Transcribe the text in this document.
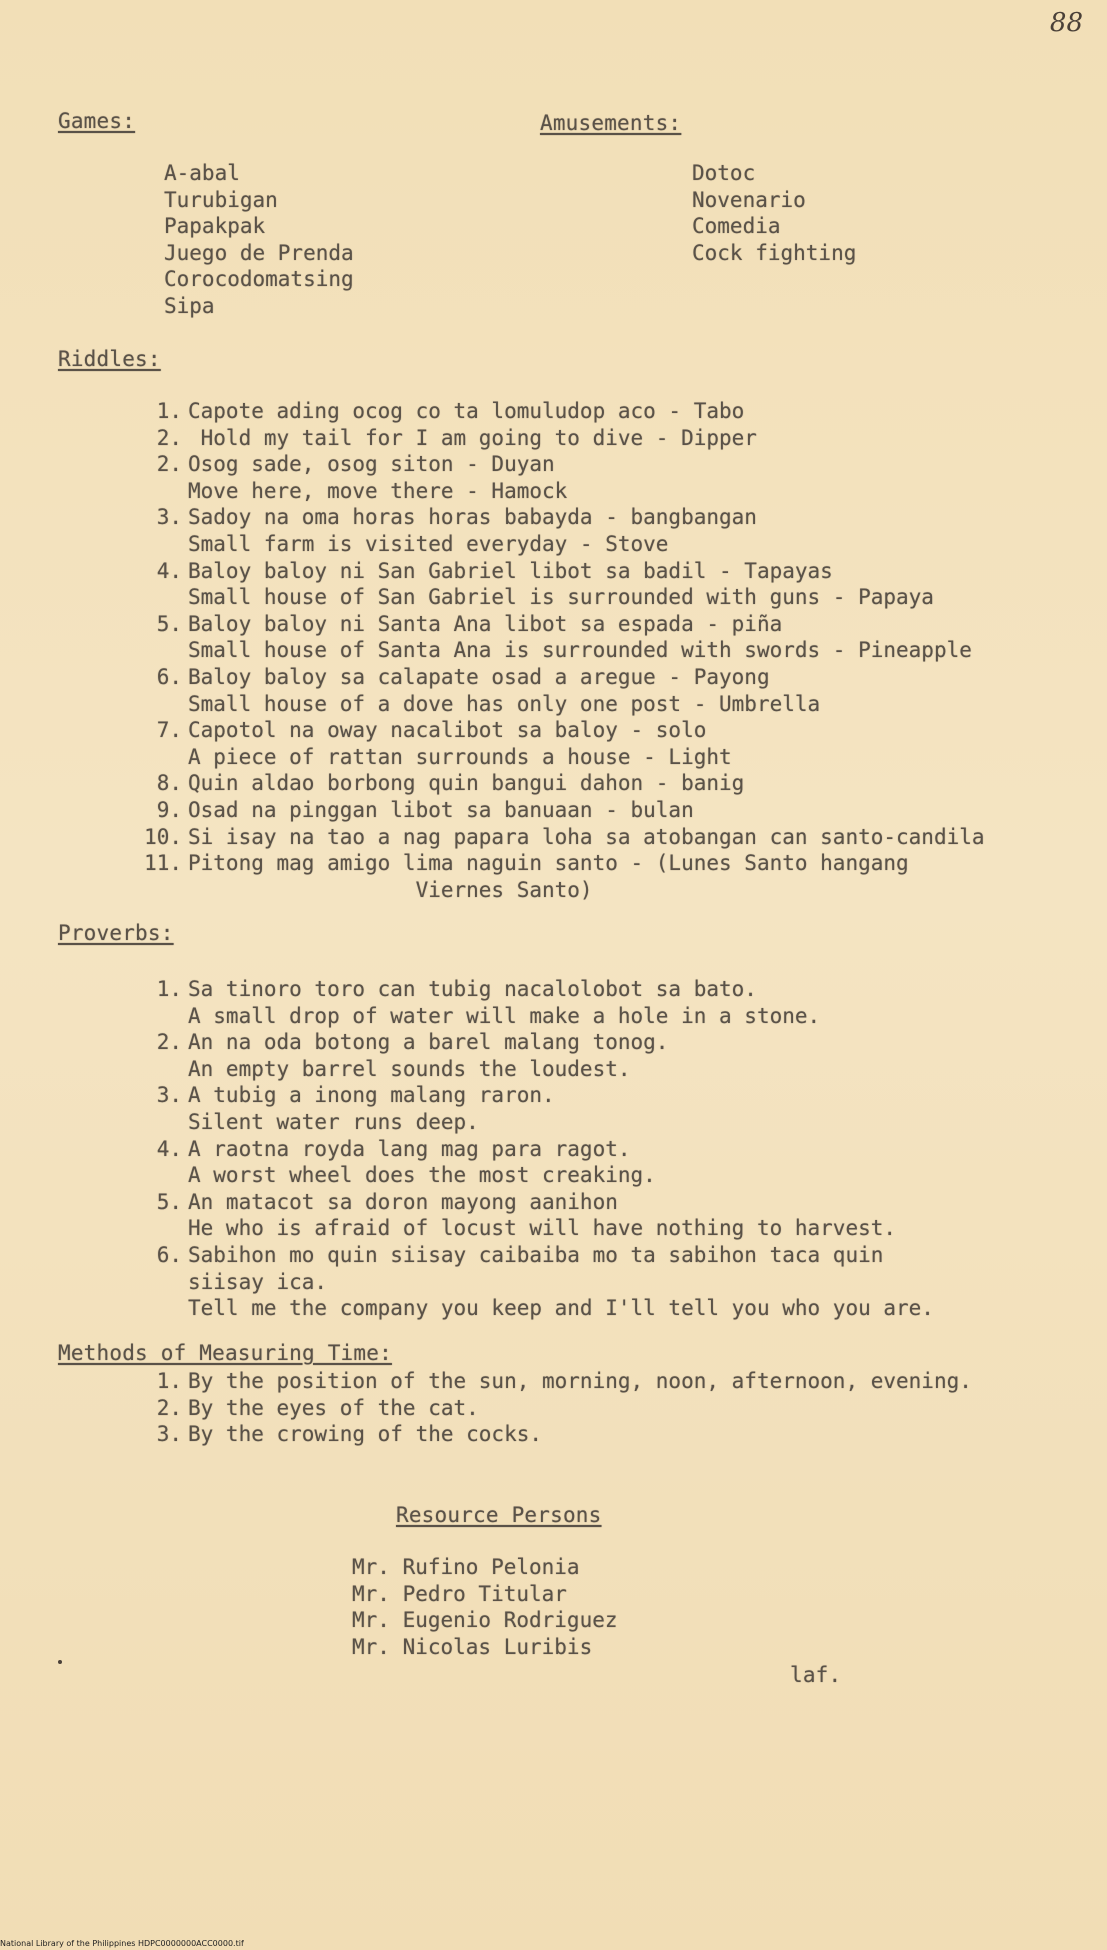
88
Games:
A-abal
Turubigan
Papakpak
Juego de Prenda
Corocodomatsing
Sipa
Amusements:
Dotoc
Novenario
Comedia
Cock fighting
Riddles:
1. Capote ading ocog co ta lomuludop aco - Tabo
2. Hold my tail for I am going to dive - Dipper
2. Osog sade, osog siton - Duyan
Move here, move there - Hamock
3. Sadoy na oma horas horas babayda - bangbangan
Small farm is visited everyday - Stove
4. Baloy baloy ni San Gabriel libot sa badil - Tapayas
Small house of San Gabriel is surrounded with guns - Papaya
5. Baloy baloy ni Santa Ana libot sa espada - piña
Small house of Santa Ana is surrounded with swords - Pineapple
6. Baloy baloy sa calapate osad a aregue - Payong
Small house of a dove has only one post - Umbrella
7. Capotol na oway nacalibot sa baloy - solo
A piece of rattan surrounds a house - Light
8. Quin aldao borbong quin bangui dahon - banig
9. Osad na pinggan libot sa banuaan - bulan
10. Si isay na tao a nag papara loha sa atobangan can santo-candila
11. Pitong mag amigo lima naguin santo - (Lunes Santo hangang
Viernes Santo)
Proverbs:
1. Sa tinoro toro can tubig nacalolobot sa bato.
A small drop of water will make a hole in a stone.
2. An na oda botong a barel malang tonog.
An empty barrel sounds the loudest.
3. A tubig a inong malang raron.
Silent water runs deep.
4. A raotna royda lang mag para ragot.
A worst wheel does the most creaking.
5. An matacot sa doron mayong aanihon
He who is afraid of locust will have nothing to harvest.
6. Sabihon mo quin siisay caibaiba mo ta sabihon taca quin
siisay ica.
Tell me the company you keep and I'll tell you who you are.
Methods of Measuring Time:
1. By the position of the sun, morning, noon, afternoon, evening.
2. By the eyes of the cat.
3. By the crowing of the cocks.
Resource Persons
Mr. Rufino Pelonia
Mr. Pedro Titular
Mr. Eugenio Rodriguez
Mr. Nicolas Luribis
laf.
National Library of the Philippines HDPC0000000ACC0000.tif
